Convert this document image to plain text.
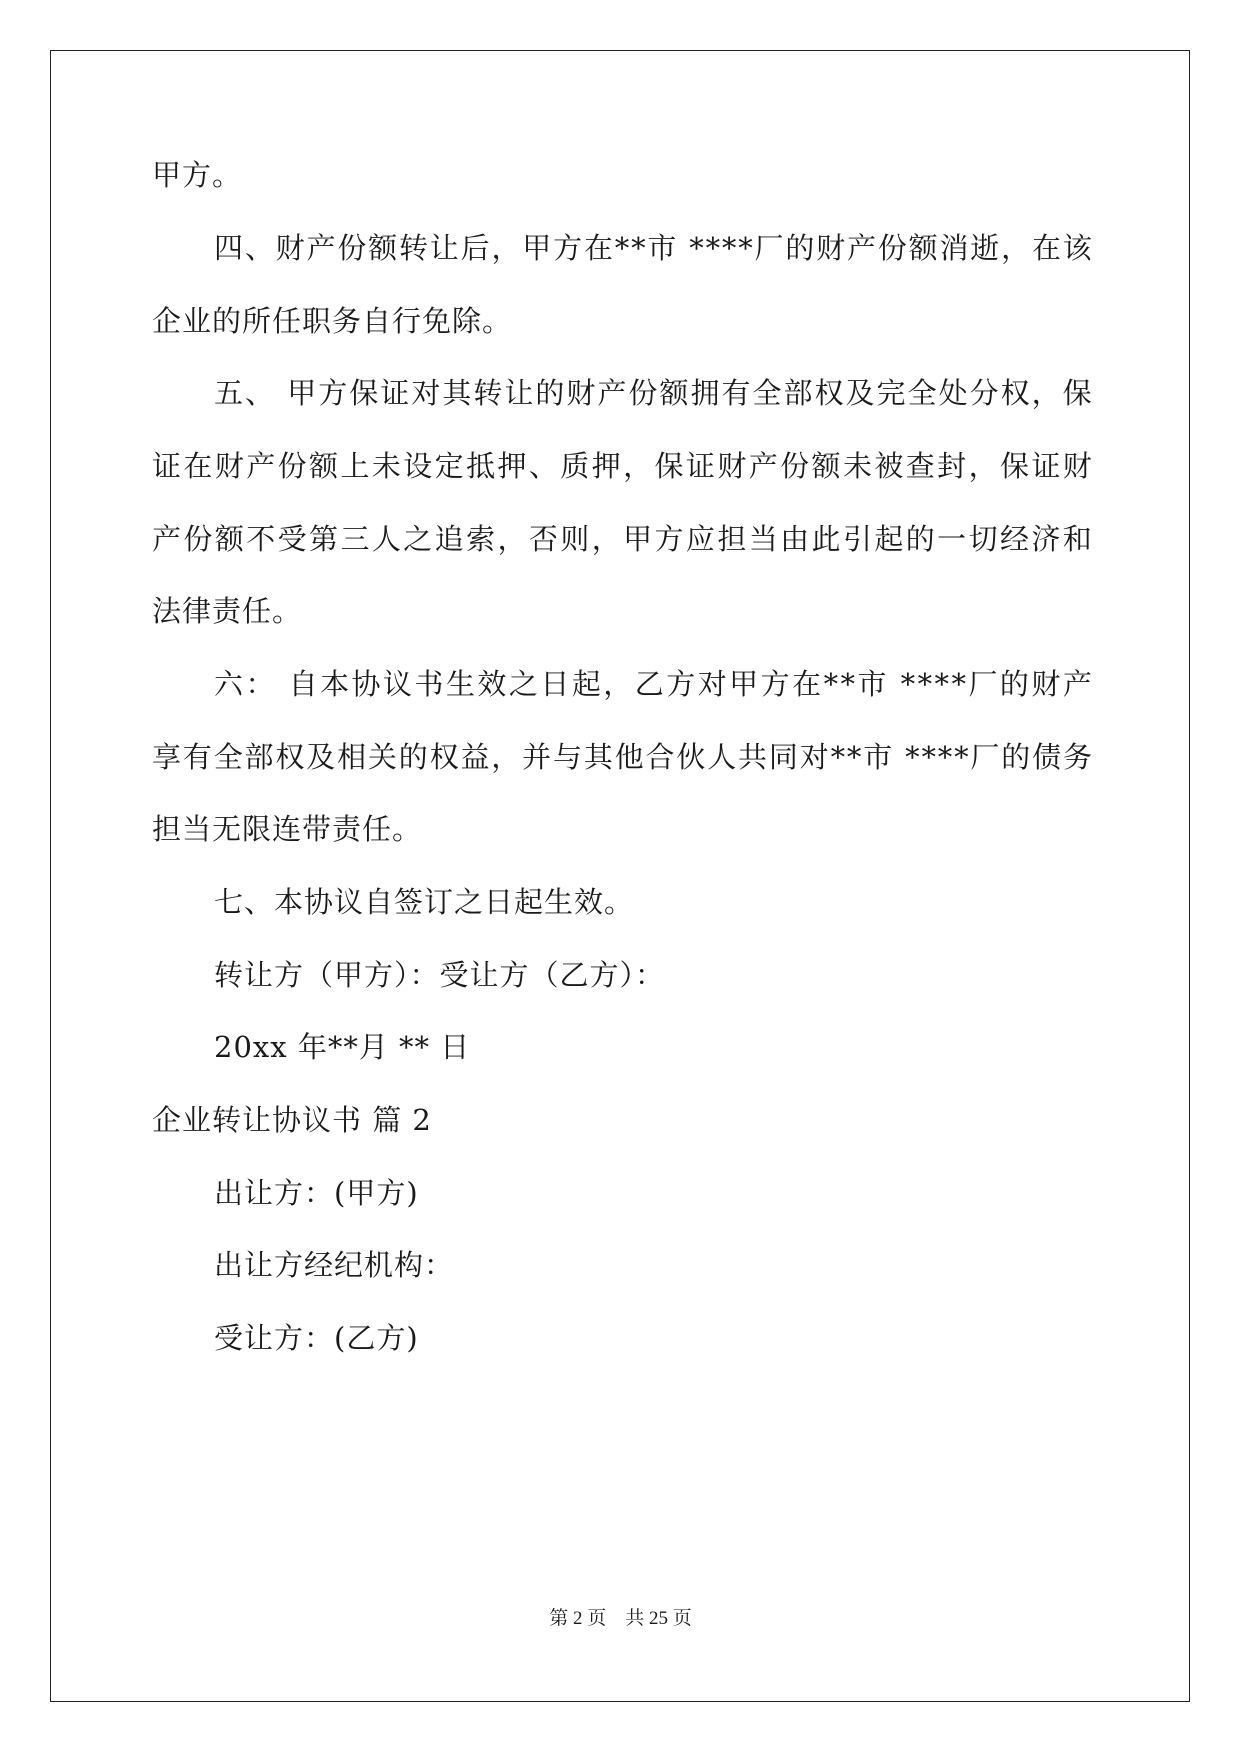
甲方。
四 、 财 产 份 额 转 让 后 ， 甲 方 在 * * 市
* * * * 厂 的 财 产 份 额 消 逝 ， 在 该
企业的所任职务自行免除。
五 、
甲 方 保 证 对 其 转 让 的 财 产 份 额 拥 有 全 部 权 及 完 全 处 分 权 ， 保
证 在 财 产 份 额 上 未 设 定 抵 押 、 质 押 ， 保 证 财 产 份 额 未 被 查 封 ， 保 证 财
产 份 额 不 受 第 三 人 之 追 索 ， 否 则 ， 甲 方 应 担 当 由 此 引 起 的 一 切 经 济 和
法律责任。
六 ：
自 本 协 议 书 生 效 之 日 起 ， 乙 方 对 甲 方 在 * * 市
* * * * 厂 的 财 产
享 有 全 部 权 及 相 关 的 权 益 ， 并 与 其 他 合 伙 人 共 同 对 * * 市
* * * * 厂 的 债 务
担当无限连带责任。
七、本协议自签订之日起生效。
转让方（甲方）：受让方（乙方）：
20xx 年**月 ** 日
企业转让协议书 篇 2
出让方：(甲方)
出让方经纪机构：
受让方：(乙方)
第 2 页    共 25 页
